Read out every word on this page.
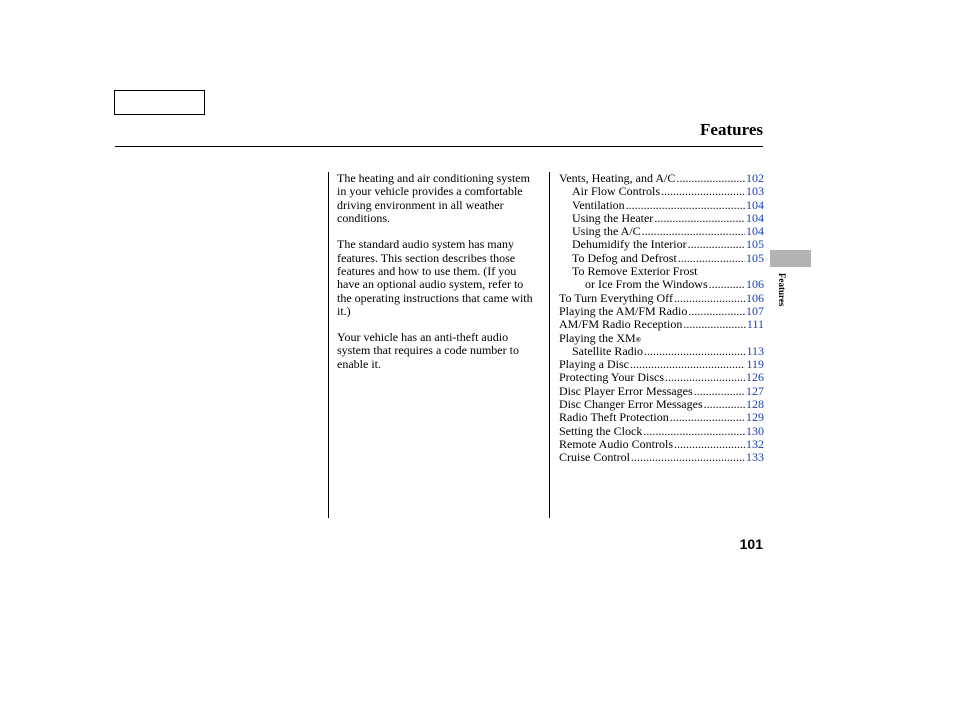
Features

The heating and air conditioning system in your vehicle provides a comfortable driving environment in all weather conditions.

The standard audio system has many features. This section describes those features and how to use them. (If you have an optional audio system, refer to the operating instructions that came with it.)

Your vehicle has an anti-theft audio system that requires a code number to enable it.

Vents, Heating, and A/C .....	102
Air Flow Controls .....	103
Ventilation .....	104
Using the Heater .....	104
Using the A/C .....	104
Dehumidify the Interior .....	105
To Defog and Defrost .....	105
To Remove Exterior Frost
or Ice From the Windows .....	106
To Turn Everything Off .....	106
Playing the AM/FM Radio .....	107
AM/FM Radio Reception .....	111
Playing the XM ®
Satellite Radio .....	113
Playing a Disc .....	119
Protecting Your Discs .....	126
Disc Player Error Messages .....	127
Disc Changer Error Messages .....	128
Radio Theft Protection .....	129
Setting the Clock .....	130
Remote Audio Controls .....	132
Cruise Control .....	133
Features
101
